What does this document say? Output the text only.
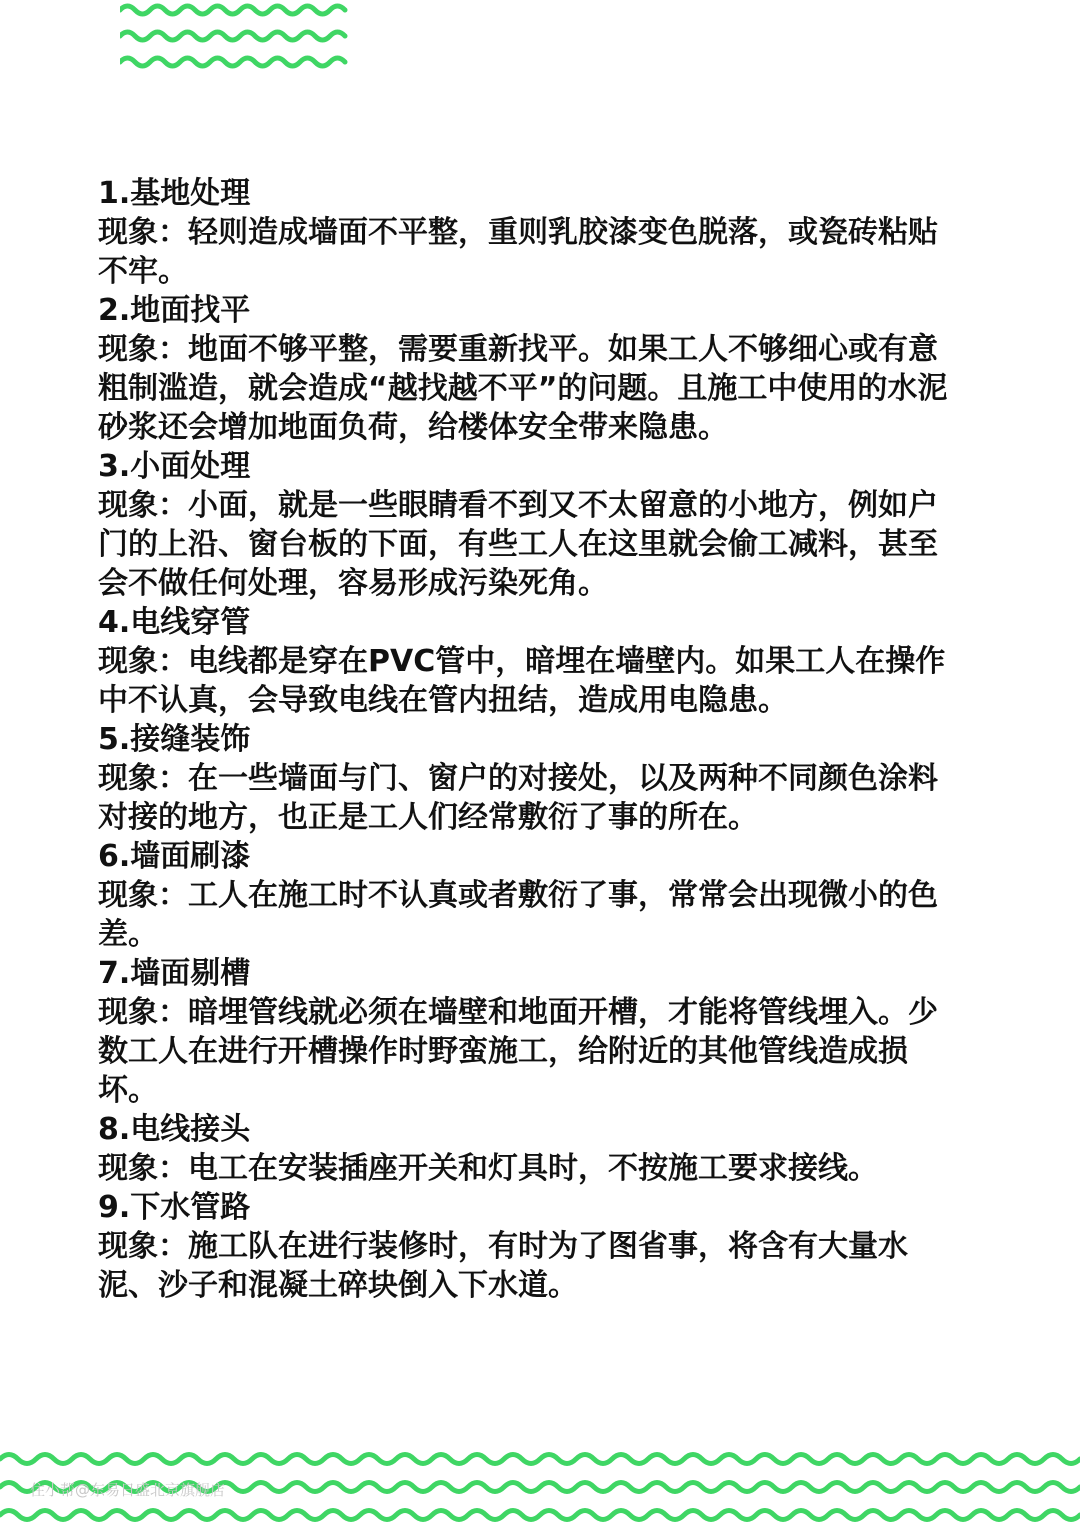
1.基地处理

现象：轻则造成墙面不平整，重则乳胶漆变色脱落，或瓷砖粘贴不牢。

2.地面找平

现象：地面不够平整，需要重新找平。如果工人不够细心或有意粗制滥造，就会造成“越找越不平”的问题。且施工中使用的水泥砂浆还会增加地面负荷，给楼体安全带来隐患。

3.小面处理

现象：小面，就是一些眼睛看不到又不太留意的小地方，例如户门的上沿、窗台板的下面，有些工人在这里就会偷工减料，甚至会不做任何处理，容易形成污染死角。

4.电线穿管

现象：电线都是穿在PVC管中，暗埋在墙壁内。如果工人在操作中不认真，会导致电线在管内扭结，造成用电隐患。

5.接缝装饰

现象：在一些墙面与门、窗户的对接处，以及两种不同颜色涂料对接的地方，也正是工人们经常敷衍了事的所在。

6.墙面刷漆

现象：工人在施工时不认真或者敷衍了事，常常会出现微小的色差。

7.墙面剔槽

现象：暗埋管线就必须在墙壁和地面开槽，才能将管线埋入。少数工人在进行开槽操作时野蛮施工，给附近的其他管线造成损坏。

8.电线接头

现象：电工在安装插座开关和灯具时，不按施工要求接线。

9.下水管路

现象：施工队在进行装修时，有时为了图省事，将含有大量水泥、沙子和混凝土碎块倒入下水道。

住小帮@东易日盛北京旗舰店
